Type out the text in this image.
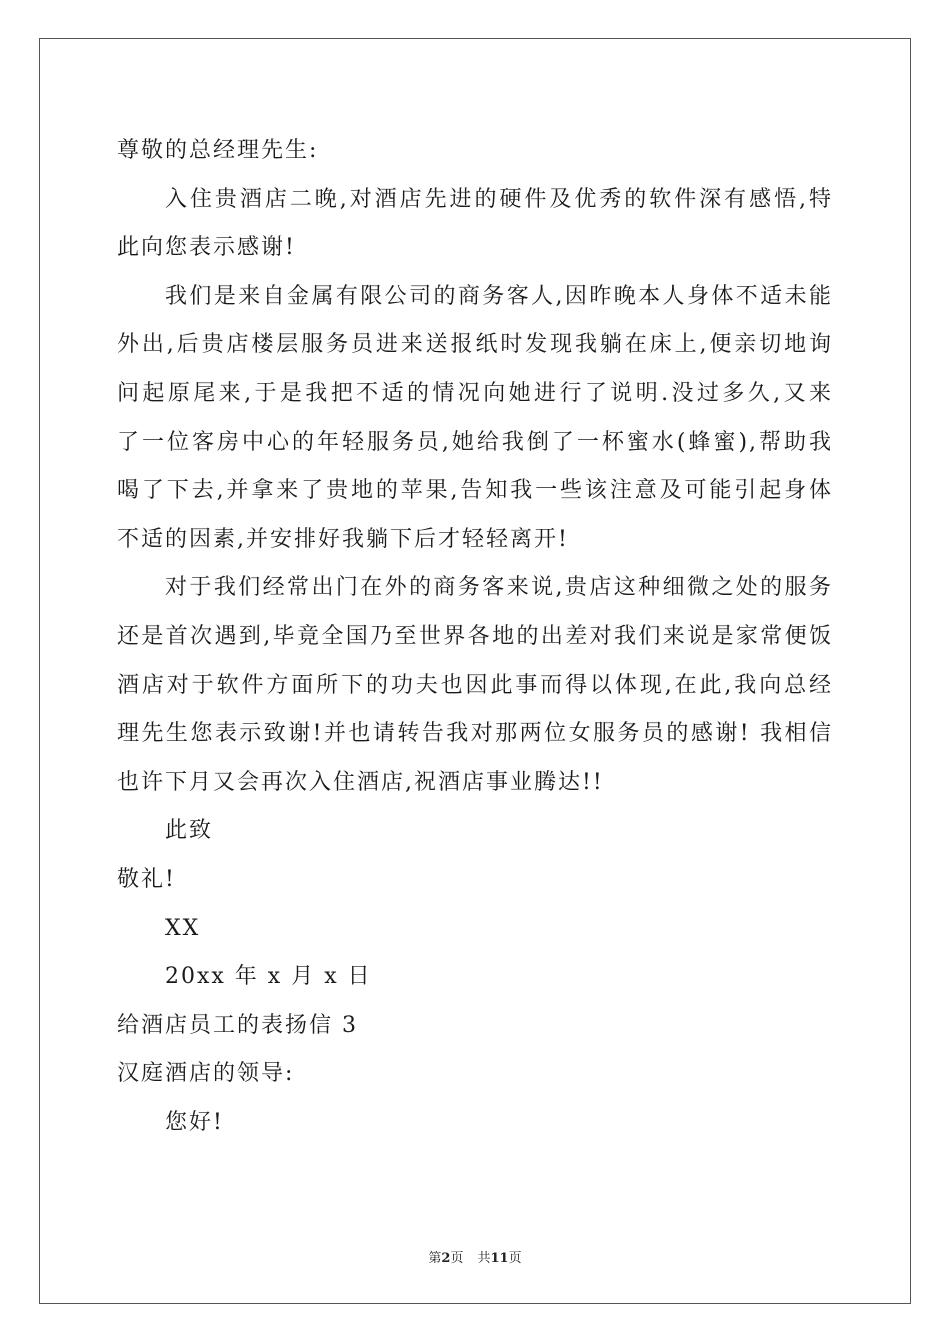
尊敬的总经理先生:
入住贵酒店二晚,对酒店先进的硬件及优秀的软件深有感悟,特
此向您表示感谢!
我们是来自金属有限公司的商务客人,因昨晚本人身体不适未能
外出,后贵店楼层服务员进来送报纸时发现我躺在床上,便亲切地询
问起原尾来,于是我把不适的情况向她进行了说明.没过多久,又来
了一位客房中心的年轻服务员,她给我倒了一杯蜜水(蜂蜜),帮助我
喝了下去,并拿来了贵地的苹果,告知我一些该注意及可能引起身体
不适的因素,并安排好我躺下后才轻轻离开!
对于我们经常出门在外的商务客来说,贵店这种细微之处的服务
还是首次遇到,毕竟全国乃至世界各地的出差对我们来说是家常便饭
酒店对于软件方面所下的功夫也因此事而得以体现,在此,我向总经
理先生您表示致谢!并也请转告我对那两位女服务员的感谢! 我相信
也许下月又会再次入住酒店,祝酒店事业腾达!!
此致
敬礼!
XX
20xx 年 x 月 x 日
给酒店员工的表扬信 3
汉庭酒店的领导:
您好!
第2页 共11页
